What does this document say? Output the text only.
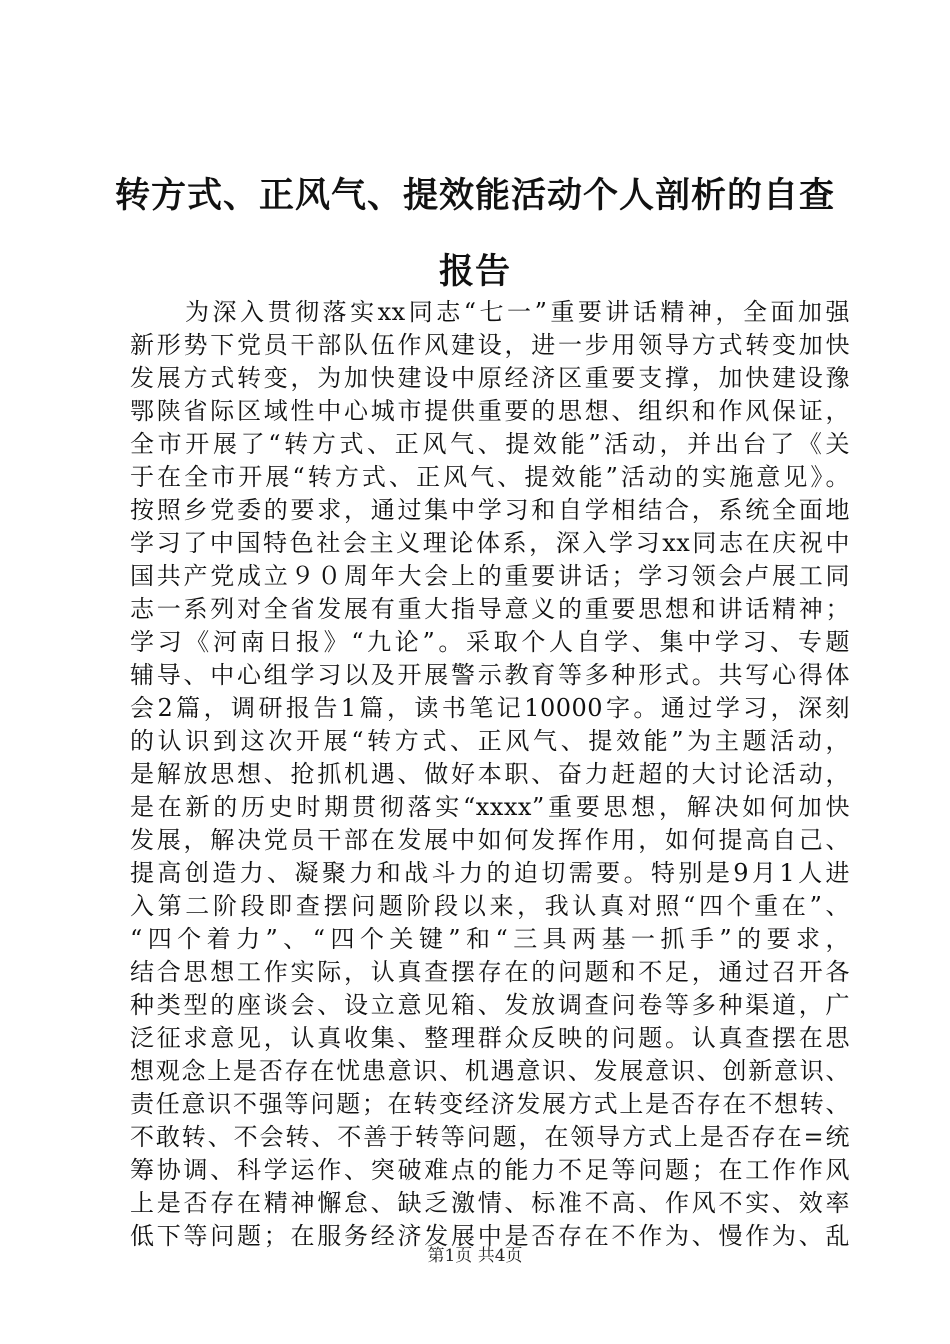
转方式、正风气、提效能活动个人剖析的自查
报告
　　为深入贯彻落实xx同志“七一”重要讲话精神，全面加强
新形势下党员干部队伍作风建设，进一步用领导方式转变加快
发展方式转变，为加快建设中原经济区重要支撑，加快建设豫
鄂陕省际区域性中心城市提供重要的思想、组织和作风保证，
全市开展了“转方式、正风气、提效能”活动，并出台了《关
于在全市开展“转方式、正风气、提效能”活动的实施意见》。
按照乡党委的要求，通过集中学习和自学相结合，系统全面地
学习了中国特色社会主义理论体系，深入学习xx同志在庆祝中
国共产党成立９０周年大会上的重要讲话；学习领会卢展工同
志一系列对全省发展有重大指导意义的重要思想和讲话精神；
学习《河南日报》“九论”。采取个人自学、集中学习、专题
辅导、中心组学习以及开展警示教育等多种形式。共写心得体
会2篇，调研报告1篇，读书笔记10000字。通过学习，深刻
的认识到这次开展“转方式、正风气、提效能”为主题活动，
是解放思想、抢抓机遇、做好本职、奋力赶超的大讨论活动，
是在新的历史时期贯彻落实“xxxx”重要思想，解决如何加快
发展，解决党员干部在发展中如何发挥作用，如何提高自己、
提高创造力、凝聚力和战斗力的迫切需要。特别是9月1人进
入第二阶段即查摆问题阶段以来，我认真对照“四个重在”、
“四个着力”、“四个关键”和“三具两基一抓手”的要求，
结合思想工作实际，认真查摆存在的问题和不足，通过召开各
种类型的座谈会、设立意见箱、发放调查问卷等多种渠道，广
泛征求意见，认真收集、整理群众反映的问题。认真查摆在思
想观念上是否存在忧患意识、机遇意识、发展意识、创新意识、
责任意识不强等问题；在转变经济发展方式上是否存在不想转、
不敢转、不会转、不善于转等问题，在领导方式上是否存在=统
筹协调、科学运作、突破难点的能力不足等问题；在工作作风
上是否存在精神懈怠、缺乏激情、标准不高、作风不实、效率
低下等问题；在服务经济发展中是否存在不作为、慢作为、乱
第1页 共4页
